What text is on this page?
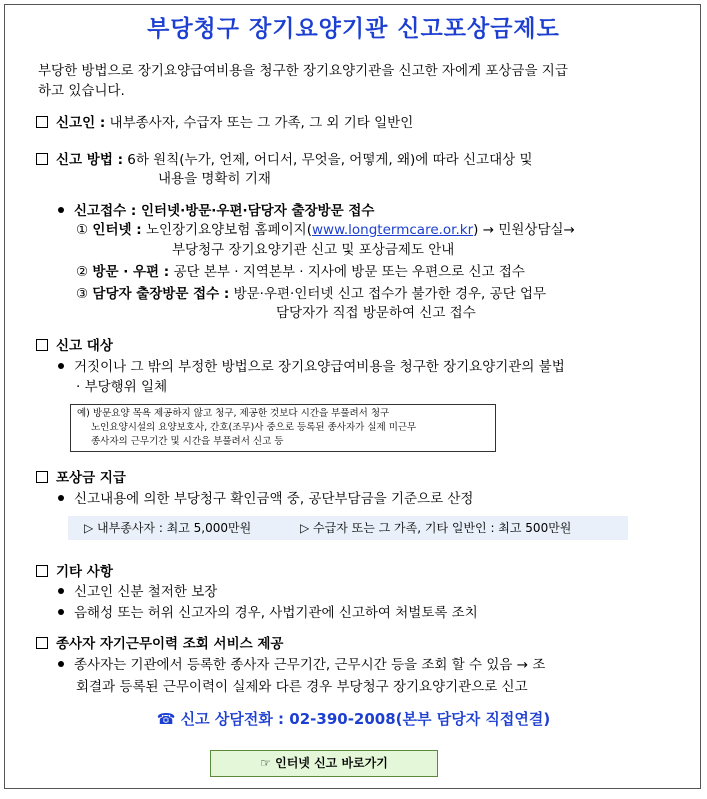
부당청구 장기요양기관 신고포상금제도
부당한 방법으로 장기요양급여비용을 청구한 장기요양기관을 신고한 자에게 포상금을 지급
하고 있습니다.
신고인 : 내부종사자, 수급자 또는 그 가족, 그 외 기타 일반인
신고 방법 : 6하 원칙(누가, 언제, 어디서, 무엇을, 어떻게, 왜)에 따라 신고대상 및
내용을 명확히 기재
신고접수 : 인터넷·방문·우편·담당자 출장방문 접수
① 인터넷 : 노인장기요양보험 홈페이지(www.longtermcare.or.kr) → 민원상담실→
부당청구 장기요양기관 신고 및 포상금제도 안내
② 방문 · 우편 : 공단 본부 · 지역본부 · 지사에 방문 또는 우편으로 신고 접수
③ 담당자 출장방문 접수 : 방문·우편·인터넷 신고 접수가 불가한 경우, 공단 업무
담당자가 직접 방문하여 신고 접수
신고 대상
거짓이나 그 밖의 부정한 방법으로 장기요양급여비용을 청구한 장기요양기관의 불법
· 부당행위 일체
예) 방문요양 목욕 제공하지 않고 청구, 제공한 것보다 시간을 부풀려서 청구
노인요양시설의 요양보호사, 간호(조무)사 중으로 등록된 종사자가 실제 미근무
종사자의 근무기간 및 시간을 부풀려서 신고 등
포상금 지급
신고내용에 의한 부당청구 확인금액 중, 공단부담금을 기준으로 산정
▷ 내부종사자 : 최고 5,000만원	▷ 수급자 또는 그 가족, 기타 일반인 : 최고 500만원
기타 사항
신고인 신분 철저한 보장
음해성 또는 허위 신고자의 경우, 사법기관에 신고하여 처벌토록 조치
종사자 자기근무이력 조회 서비스 제공
종사자는 기관에서 등록한 종사자 근무기간, 근무시간 등을 조회 할 수 있음 → 조
회결과 등록된 근무이력이 실제와 다른 경우 부당청구 장기요양기관으로 신고
☎ 신고 상담전화 : 02-390-2008(본부 담당자 직접연결)
☞ 인터넷 신고 바로가기
